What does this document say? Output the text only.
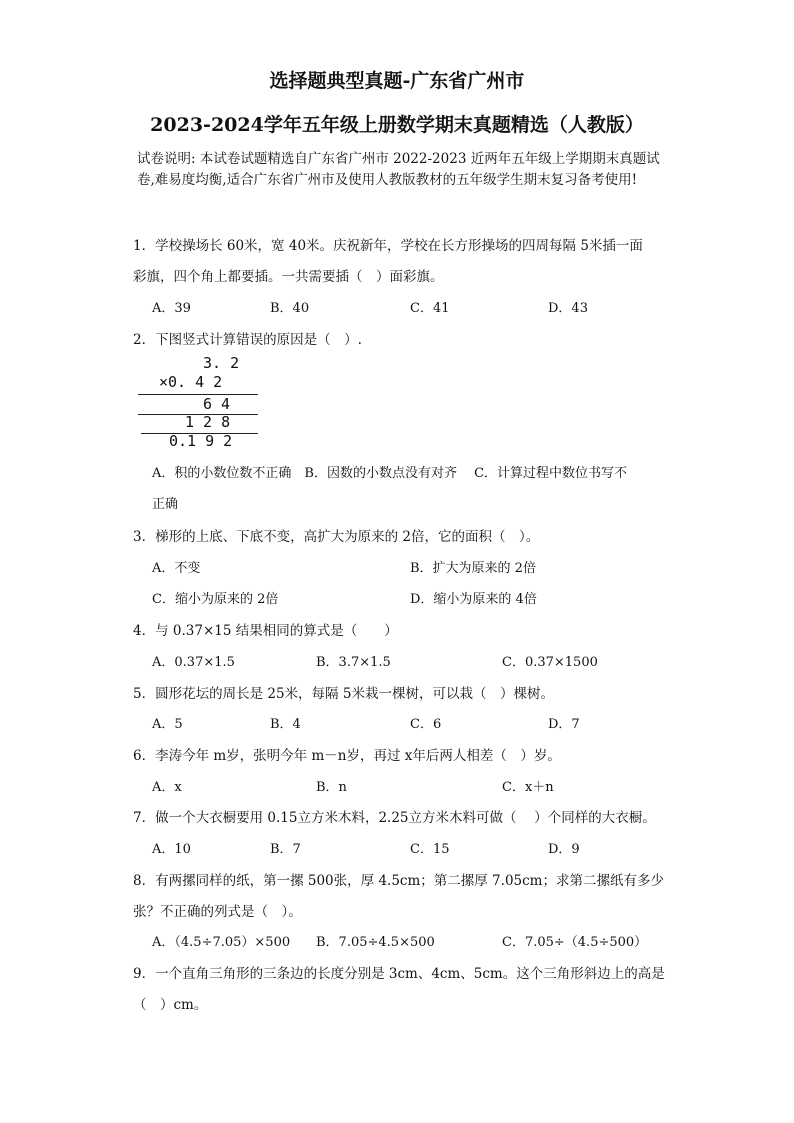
选择题典型真题-广东省广州市
2023-2024学年五年级上册数学期末真题精选（人教版）
试卷说明: 本试卷试题精选自广东省广州市 2022-2023 近两年五年级上学期期末真题试
卷,难易度均衡,适合广东省广州市及使用人教版教材的五年级学生期末复习备考使用!
1．学校操场长 60米，宽 40米。庆祝新年，学校在长方形操场的四周每隔 5米插一面
彩旗，四个角上都要插。一共需要插（　）面彩旗。
A．39	B．40	C．41	D．43
2．下图竖式计算错误的原因是（　）.
3. 2
×0. 4 2
6 4
1 2 8
0.1 9 2
A．积的小数位数不正确　B．因数的小数点没有对齐　 C．计算过程中数位书写不
正确
3．梯形的上底、下底不变，高扩大为原来的 2倍，它的面积（　）。
A．不变	B．扩大为原来的 2倍
C．缩小为原来的 2倍	D．缩小为原来的 4倍
4．与 0.37×15 结果相同的算式是（　　）
A．0.37×1.5	B．3.7×1.5	C．0.37×1500
5．圆形花坛的周长是 25米，每隔 5米栽一棵树，可以栽（　）棵树。
A．5	B．4	C．6	D．7
6．李涛今年 m岁，张明今年 m－n岁，再过 x年后两人相差（　）岁。
A．x	B．n	C．x＋n
7．做一个大衣橱要用 0.15立方米木料，2.25立方米木料可做（　 ）个同样的大衣橱。
A．10	B．7	C．15	D．9
8．有两摞同样的纸，第一摞 500张，厚 4.5cm；第二摞厚 7.05cm；求第二摞纸有多少
张？不正确的列式是（　）。
A．（4.5÷7.05）×500 B．7.05÷4.5×500	C．7.05÷（4.5÷500）
9．一个直角三角形的三条边的长度分别是 3cm、4cm、5cm。这个三角形斜边上的高是
（　）cm。
